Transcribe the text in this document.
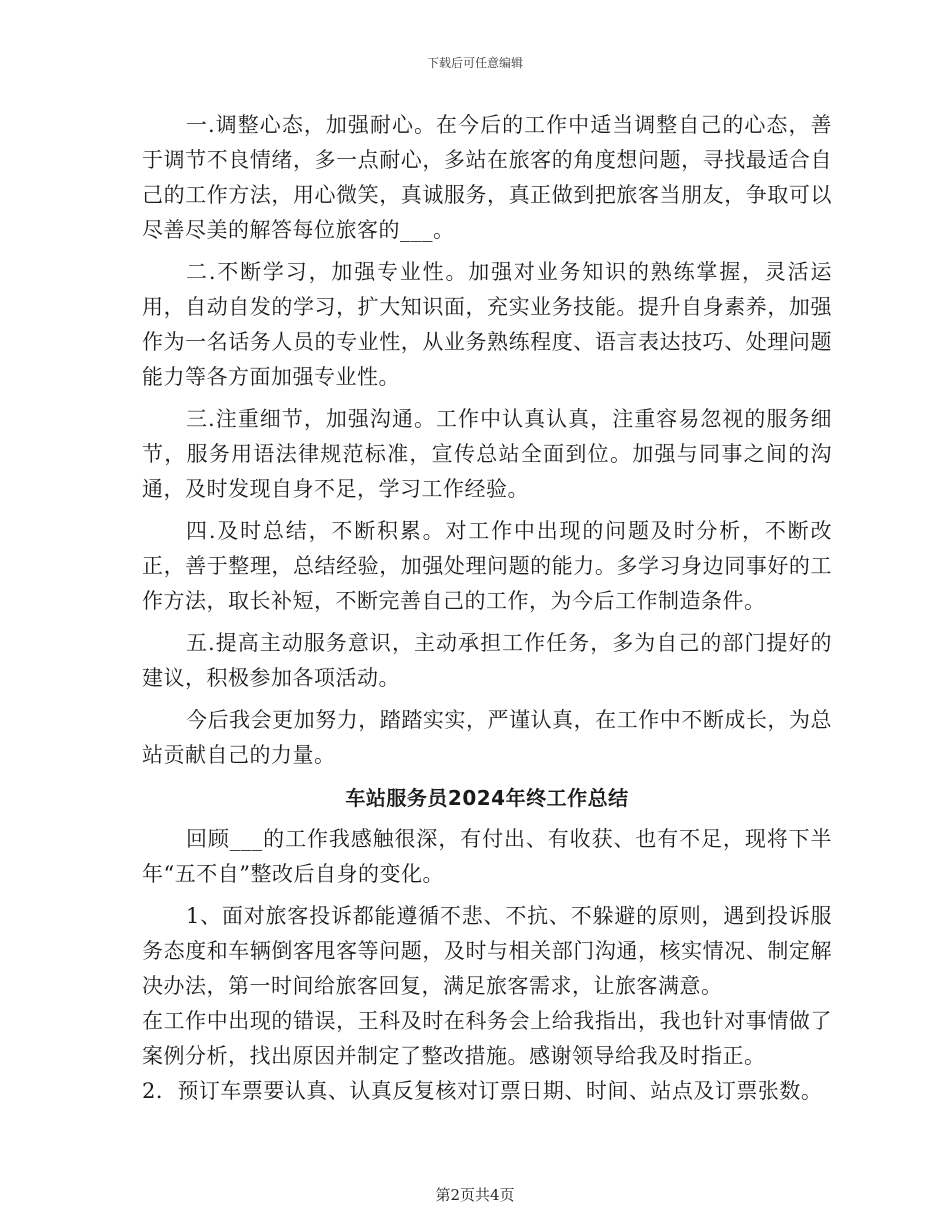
下载后可任意编辑

一.调整心态，加强耐心。在今后的工作中适当调整自己的心态，善于调节不良情绪，多一点耐心，多站在旅客的角度想问题，寻找最适合自己的工作方法，用心微笑，真诚服务，真正做到把旅客当朋友，争取可以尽善尽美的解答每位旅客的___。

二.不断学习，加强专业性。加强对业务知识的熟练掌握，灵活运用，自动自发的学习，扩大知识面，充实业务技能。提升自身素养，加强作为一名话务人员的专业性，从业务熟练程度、语言表达技巧、处理问题能力等各方面加强专业性。

三.注重细节，加强沟通。工作中认真认真，注重容易忽视的服务细节，服务用语法律规范标准，宣传总站全面到位。加强与同事之间的沟通，及时发现自身不足，学习工作经验。

四.及时总结，不断积累。对工作中出现的问题及时分析，不断改正，善于整理，总结经验，加强处理问题的能力。多学习身边同事好的工作方法，取长补短，不断完善自己的工作，为今后工作制造条件。

五.提高主动服务意识，主动承担工作任务，多为自己的部门提好的建议，积极参加各项活动。

今后我会更加努力，踏踏实实，严谨认真，在工作中不断成长，为总站贡献自己的力量。

车站服务员2024年终工作总结

回顾___的工作我感触很深，有付出、有收获、也有不足，现将下半年“五不自”整改后自身的变化。

1、面对旅客投诉都能遵循不悲、不抗、不躲避的原则，遇到投诉服务态度和车辆倒客甩客等问题，及时与相关部门沟通，核实情况、制定解决办法，第一时间给旅客回复，满足旅客需求，让旅客满意。

在工作中出现的错误，王科及时在科务会上给我指出，我也针对事情做了案例分析，找出原因并制定了整改措施。感谢领导给我及时指正。

2．预订车票要认真、认真反复核对订票日期、时间、站点及订票张数。

第2页共4页
